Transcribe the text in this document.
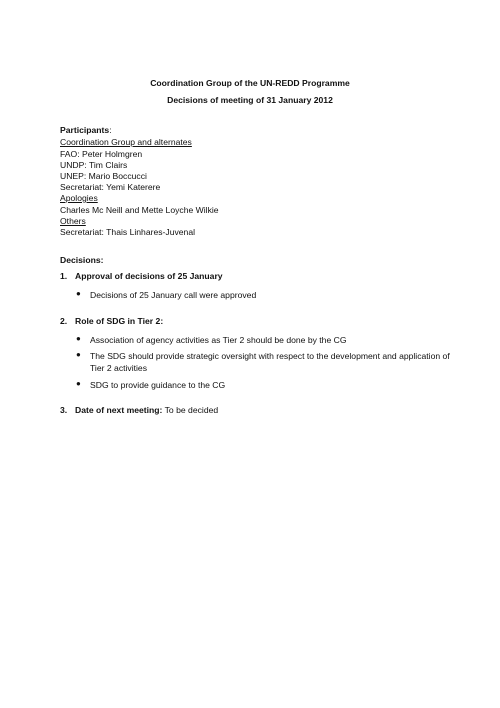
Coordination Group of the UN-REDD Programme
Decisions of meeting of 31 January 2012
Participants:
Coordination Group and alternates
FAO: Peter Holmgren
UNDP: Tim Clairs
UNEP: Mario Boccucci
Secretariat: Yemi Katerere
Apologies
Charles Mc Neill and Mette Loyche Wilkie
Others
Secretariat: Thais Linhares-Juvenal
Decisions:
1. Approval of decisions of 25 January
● Decisions of 25 January call were approved
2. Role of SDG in Tier 2:
● Association of agency activities as Tier 2 should be done by the CG
● The SDG should provide strategic oversight with respect to the development and application of Tier 2 activities
● SDG to provide guidance to the CG
3. Date of next meeting: To be decided
